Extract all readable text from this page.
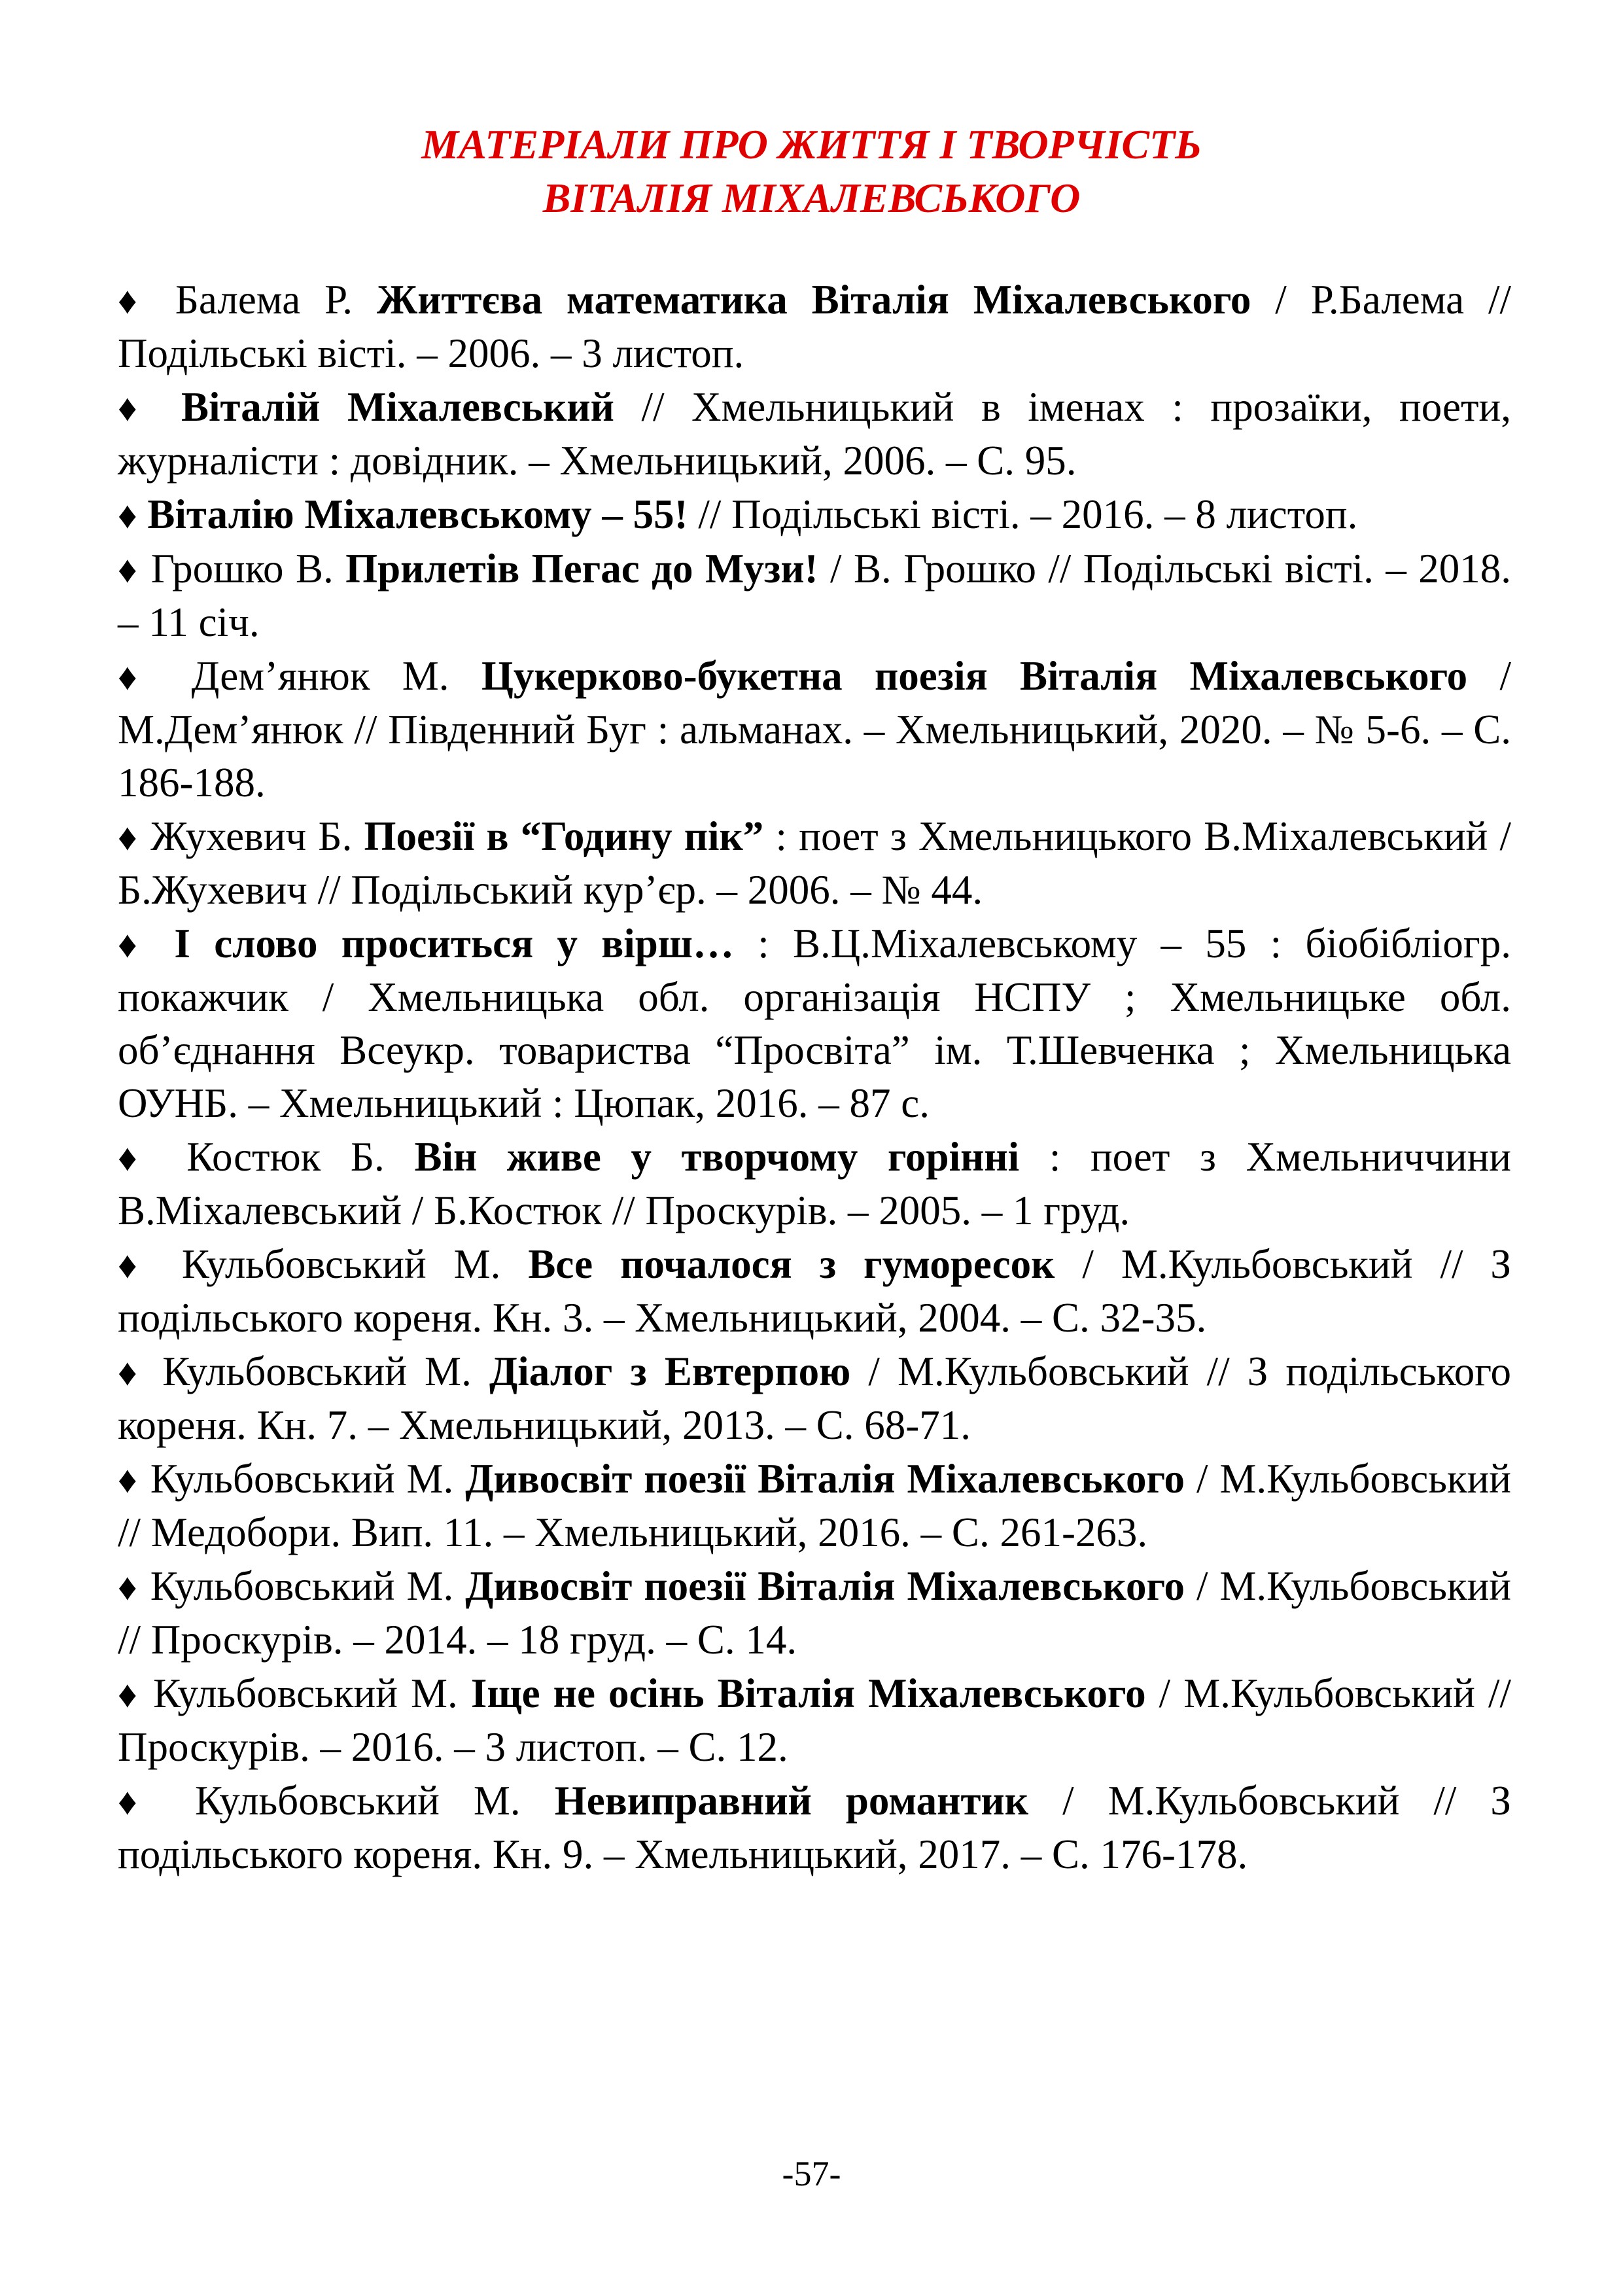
МАТЕРІАЛИ ПРО ЖИТТЯ І ТВОРЧІСТЬ
ВІТАЛІЯ МІХАЛЕВСЬКОГО

♦ Балема Р. Життєва математика Віталія Міхалевського / Р.Балема // Подільські вісті. – 2006. – 3 листоп.

♦ Віталій Міхалевський // Хмельницький в іменах : прозаїки, поети, журналісти : довідник. – Хмельницький, 2006. – С. 95.

♦ Віталію Міхалевському – 55! // Подільські вісті. – 2016. – 8 листоп.

♦ Грошко В. Прилетів Пегас до Музи! / В. Грошко // Подільські вісті. – 2018. – 11 січ.

♦ Дем’янюк М. Цукерково-букетна поезія Віталія Міхалевського / М.Дем’янюк // Південний Буг : альманах. – Хмельницький, 2020. – № 5-6. – С. 186-188.

♦ Жухевич Б. Поезії в “Годину пік” : поет з Хмельницького В.Міхалевський / Б.Жухевич // Подільський кур’єр. – 2006. – № 44.

♦ І слово проситься у вірш… : В.Ц.Міхалевському – 55 : біобібліогр. покажчик / Хмельницька обл. організація НСПУ ; Хмельницьке обл. об’єднання Всеукр. товариства “Просвіта” ім. Т.Шевченка ; Хмельницька ОУНБ. – Хмельницький : Цюпак, 2016. – 87 с.

♦ Костюк Б. Він живе у творчому горінні : поет з Хмельниччини В.Міхалевський / Б.Костюк // Проскурів. – 2005. – 1 груд.

♦ Кульбовський М. Все почалося з гуморесок / М.Кульбовський // З подільського кореня. Кн. 3. – Хмельницький, 2004. – С. 32-35.

♦ Кульбовський М. Діалог з Евтерпою / М.Кульбовський // З подільського кореня. Кн. 7. – Хмельницький, 2013. – С. 68-71.

♦ Кульбовський М. Дивосвіт поезії Віталія Міхалевського / М.Кульбовський // Медобори. Вип. 11. – Хмельницький, 2016. – С. 261-263.

♦ Кульбовський М. Дивосвіт поезії Віталія Міхалевського / М.Кульбовський // Проскурів. – 2014. – 18 груд. – С. 14.

♦ Кульбовський М. Іще не осінь Віталія Міхалевського / М.Кульбовський // Проскурів. – 2016. – 3 листоп. – С. 12.

♦ Кульбовський М. Невиправний романтик / М.Кульбовський // З подільського кореня. Кн. 9. – Хмельницький, 2017. – С. 176-178.

-57-
